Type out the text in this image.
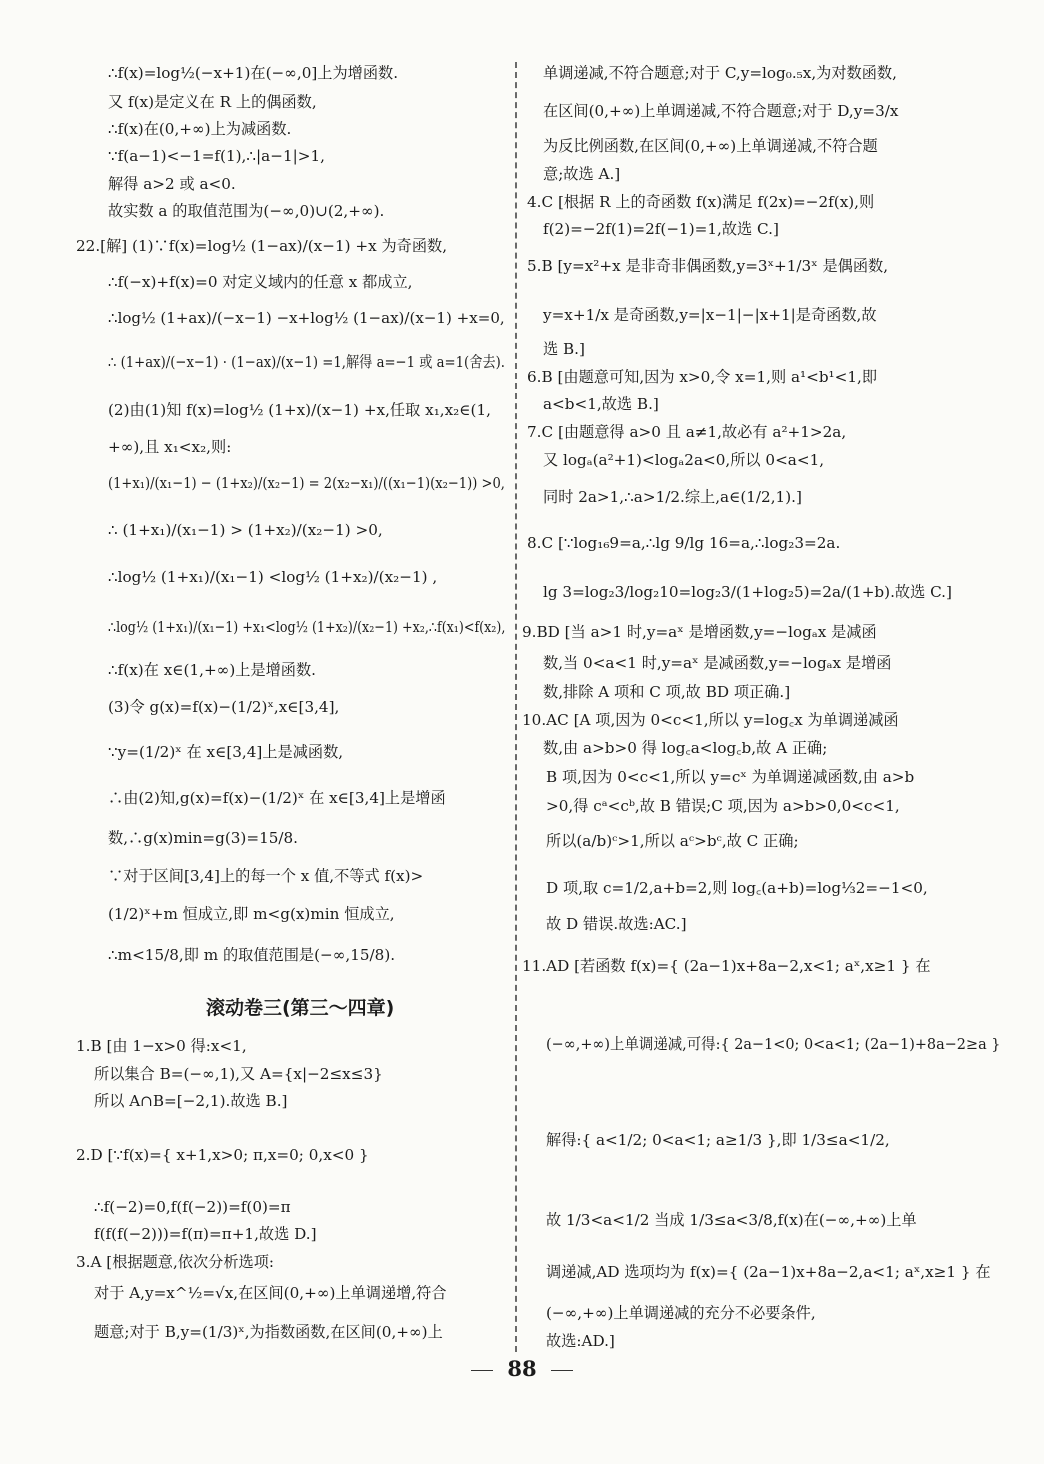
∴f(x)=log½(−x+1)在(−∞,0]上为增函数.
又 f(x)是定义在 R 上的偶函数,
∴f(x)在(0,+∞)上为减函数.
∵f(a−1)<−1=f(1),∴|a−1|>1,
解得 a>2 或 a<0.
故实数 a 的取值范围为(−∞,0)∪(2,+∞).
22.[解] (1)∵f(x)=log½ (1−ax)/(x−1) +x 为奇函数,
∴f(−x)+f(x)=0 对定义域内的任意 x 都成立,
∴log½ (1+ax)/(−x−1) −x+log½ (1−ax)/(x−1) +x=0,
∴ (1+ax)/(−x−1) · (1−ax)/(x−1) =1,解得 a=−1 或 a=1(舍去).
(2)由(1)知 f(x)=log½ (1+x)/(x−1) +x,任取 x₁,x₂∈(1,
+∞),且 x₁<x₂,则:
(1+x₁)/(x₁−1) − (1+x₂)/(x₂−1) = 2(x₂−x₁)/((x₁−1)(x₂−1)) >0,
∴ (1+x₁)/(x₁−1) > (1+x₂)/(x₂−1) >0,
∴log½ (1+x₁)/(x₁−1) <log½ (1+x₂)/(x₂−1) ,
∴log½ (1+x₁)/(x₁−1) +x₁<log½ (1+x₂)/(x₂−1) +x₂,∴f(x₁)<f(x₂),
∴f(x)在 x∈(1,+∞)上是增函数.
(3)令 g(x)=f(x)−(1/2)ˣ,x∈[3,4],
∵y=(1/2)ˣ 在 x∈[3,4]上是减函数,
∴由(2)知,g(x)=f(x)−(1/2)ˣ 在 x∈[3,4]上是增函
数,∴g(x)min=g(3)=15/8.
∵对于区间[3,4]上的每一个 x 值,不等式 f(x)>
(1/2)ˣ+m 恒成立,即 m<g(x)min 恒成立,
∴m<15/8,即 m 的取值范围是(−∞,15/8).
1.B [由 1−x>0 得:x<1,
所以集合 B=(−∞,1),又 A={x|−2≤x≤3}
所以 A∩B=[−2,1).故选 B.]
2.D [∵f(x)={ x+1,x>0; π,x=0; 0,x<0 }
∴f(−2)=0,f(f(−2))=f(0)=π
f(f(f(−2)))=f(π)=π+1,故选 D.]
3.A [根据题意,依次分析选项:
对于 A,y=x^½=√x,在区间(0,+∞)上单调递增,符合
题意;对于 B,y=(1/3)ˣ,为指数函数,在区间(0,+∞)上
单调递减,不符合题意;对于 C,y=log₀.₅x,为对数函数,
在区间(0,+∞)上单调递减,不符合题意;对于 D,y=3/x
为反比例函数,在区间(0,+∞)上单调递减,不符合题
意;故选 A.]
4.C [根据 R 上的奇函数 f(x)满足 f(2x)=−2f(x),则
f(2)=−2f(1)=2f(−1)=1,故选 C.]
5.B [y=x²+x 是非奇非偶函数,y=3ˣ+1/3ˣ 是偶函数,
y=x+1/x 是奇函数,y=|x−1|−|x+1|是奇函数,故
选 B.]
6.B [由题意可知,因为 x>0,令 x=1,则 a¹<b¹<1,即
a<b<1,故选 B.]
7.C [由题意得 a>0 且 a≠1,故必有 a²+1>2a,
又 logₐ(a²+1)<logₐ2a<0,所以 0<a<1,
同时 2a>1,∴a>1/2.综上,a∈(1/2,1).]
8.C [∵log₁₆9=a,∴lg 9/lg 16=a,∴log₂3=2a.
lg 3=log₂3/log₂10=log₂3/(1+log₂5)=2a/(1+b).故选 C.]
9.BD [当 a>1 时,y=aˣ 是增函数,y=−logₐx 是减函
数,当 0<a<1 时,y=aˣ 是减函数,y=−logₐx 是增函
数,排除 A 项和 C 项,故 BD 项正确.]
10.AC [A 项,因为 0<c<1,所以 y=log꜀x 为单调递减函
数,由 a>b>0 得 log꜀a<log꜀b,故 A 正确;
B 项,因为 0<c<1,所以 y=cˣ 为单调递减函数,由 a>b
>0,得 cᵃ<cᵇ,故 B 错误;C 项,因为 a>b>0,0<c<1,
所以(a/b)ᶜ>1,所以 aᶜ>bᶜ,故 C 正确;
D 项,取 c=1/2,a+b=2,则 log꜀(a+b)=log⅓2=−1<0,
故 D 错误.故选:AC.]
11.AD [若函数 f(x)={ (2a−1)x+8a−2,x<1; aˣ,x≥1 } 在
(−∞,+∞)上单调递减,可得:{ 2a−1<0; 0<a<1; (2a−1)+8a−2≥a }
解得:{ a<1/2; 0<a<1; a≥1/3 },即 1/3≤a<1/2,
故 1/3<a<1/2 当成 1/3≤a<3/8,f(x)在(−∞,+∞)上单
调递减,AD 选项均为 f(x)={ (2a−1)x+8a−2,a<1; aˣ,x≥1 } 在
(−∞,+∞)上单调递减的充分不必要条件,
故选:AD.]
滚动卷三(第三～四章)
88
